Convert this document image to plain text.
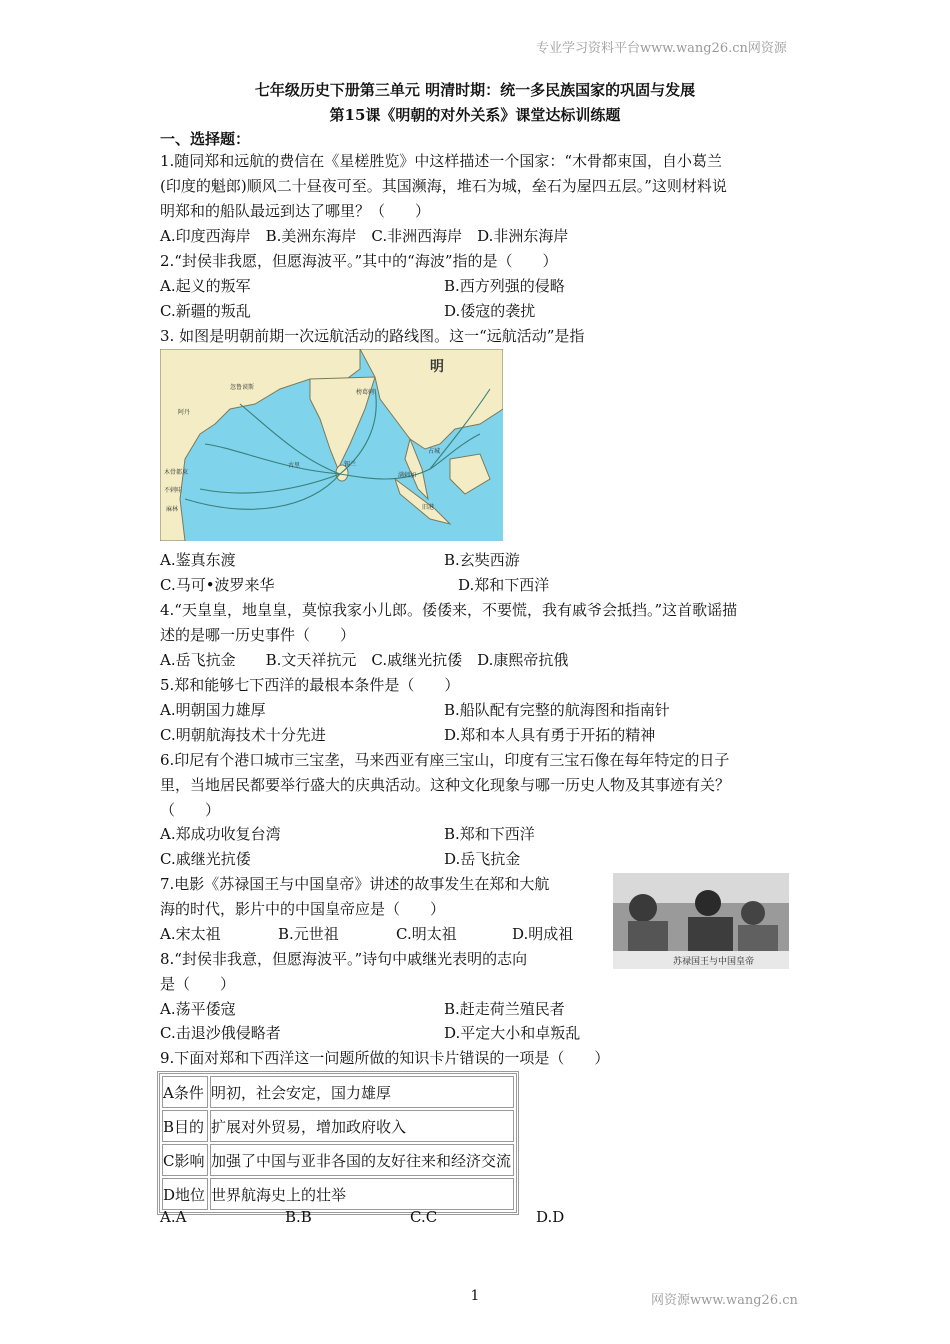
专业学习资料平台www.wang26.cn网资源
七年级历史下册第三单元 明清时期：统一多民族国家的巩固与发展
第15课《明朝的对外关系》课堂达标训练题
一、选择题：
1.随同郑和远航的费信在《星槎胜览》中这样描述一个国家：“木骨都束国，自小葛兰
(印度的魁郎)顺风二十昼夜可至。其国濒海，堆石为城，垒石为屋四五层。”这则材料说
明郑和的船队最远到达了哪里？（　　）
A.印度西海岸　B.美洲东海岸　C.非洲西海岸　D.非洲东海岸
2.“封侯非我愿，但愿海波平。”其中的“海波”指的是（　　）
A.起义的叛军	B.西方列强的侵略
C.新疆的叛乱	D.倭寇的袭扰
3. 如图是明朝前期一次远航活动的路线图。这一“远航活动”是指
明
忽鲁谟斯
阿丹
木骨都束
不剌哇
麻林
古里	锡兰
榜葛剌
满剌加
占城
旧港
A.鉴真东渡	B.玄奘西游
C.马可•波罗来华	D.郑和下西洋
4.“天皇皇，地皇皇，莫惊我家小儿郎。倭倭来，不要慌，我有戚爷会抵挡。”这首歌谣描
述的是哪一历史事件（　　）
A.岳飞抗金　　B.文天祥抗元　C.戚继光抗倭　D.康熙帝抗俄
5.郑和能够七下西洋的最根本条件是（　　）
A.明朝国力雄厚	B.船队配有完整的航海图和指南针
C.明朝航海技术十分先进	D.郑和本人具有勇于开拓的精神
6.印尼有个港口城市三宝垄，马来西亚有座三宝山，印度有三宝石像在每年特定的日子
里，当地居民都要举行盛大的庆典活动。这种文化现象与哪一历史人物及其事迹有关？
（　　）
A.郑成功收复台湾	B.郑和下西洋
C.戚继光抗倭	D.岳飞抗金
7.电影《苏禄国王与中国皇帝》讲述的故事发生在郑和大航
海的时代，影片中的中国皇帝应是（　　）
A.宋太祖	B.元世祖	C.明太祖	D.明成祖
苏禄国王与中国皇帝
8.“封侯非我意，但愿海波平。”诗句中戚继光表明的志向
是（　　）
A.荡平倭寇	B.赶走荷兰殖民者
C.击退沙俄侵略者	D.平定大小和卓叛乱
9.下面对郑和下西洋这一问题所做的知识卡片错误的一项是（　　）
A条件	明初，社会安定，国力雄厚
B目的	扩展对外贸易，增加政府收入
C影响	加强了中国与亚非各国的友好往来和经济交流
D地位	世界航海史上的壮举
A.A	B.B	C.C	D.D
1	网资源www.wang26.cn
